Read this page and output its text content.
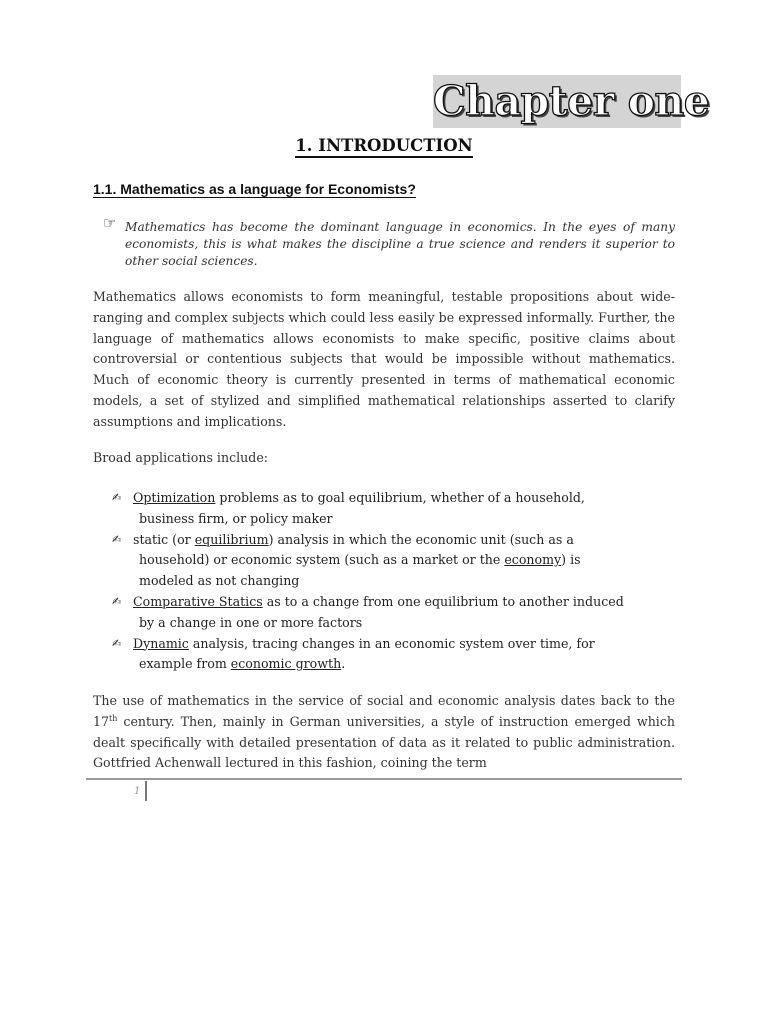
Chapter one
1. INTRODUCTION
1.1. Mathematics as a language for Economists?
☞ Mathematics has become the dominant language in economics. In the eyes of many economists, this is what makes the discipline a true science and renders it superior to other social sciences.
Mathematics allows economists to form meaningful, testable propositions about wide-ranging and complex subjects which could less easily be expressed informally. Further, the language of mathematics allows economists to make specific, positive claims about controversial or contentious subjects that would be impossible without mathematics. Much of economic theory is currently presented in terms of mathematical economic models, a set of stylized and simplified mathematical relationships asserted to clarify assumptions and implications.
Broad applications include:
✍ Optimization problems as to goal equilibrium, whether of a household,
business firm, or policy maker
✍ static (or equilibrium) analysis in which the economic unit (such as a
household) or economic system (such as a market or the economy) is
modeled as not changing
✍ Comparative Statics as to a change from one equilibrium to another induced
by a change in one or more factors
✍ Dynamic analysis, tracing changes in an economic system over time, for
example from economic growth.
The use of mathematics in the service of social and economic analysis dates back to the 17th century. Then, mainly in German universities, a style of instruction emerged which dealt specifically with detailed presentation of data as it related to public administration. Gottfried Achenwall lectured in this fashion, coining the term
1
